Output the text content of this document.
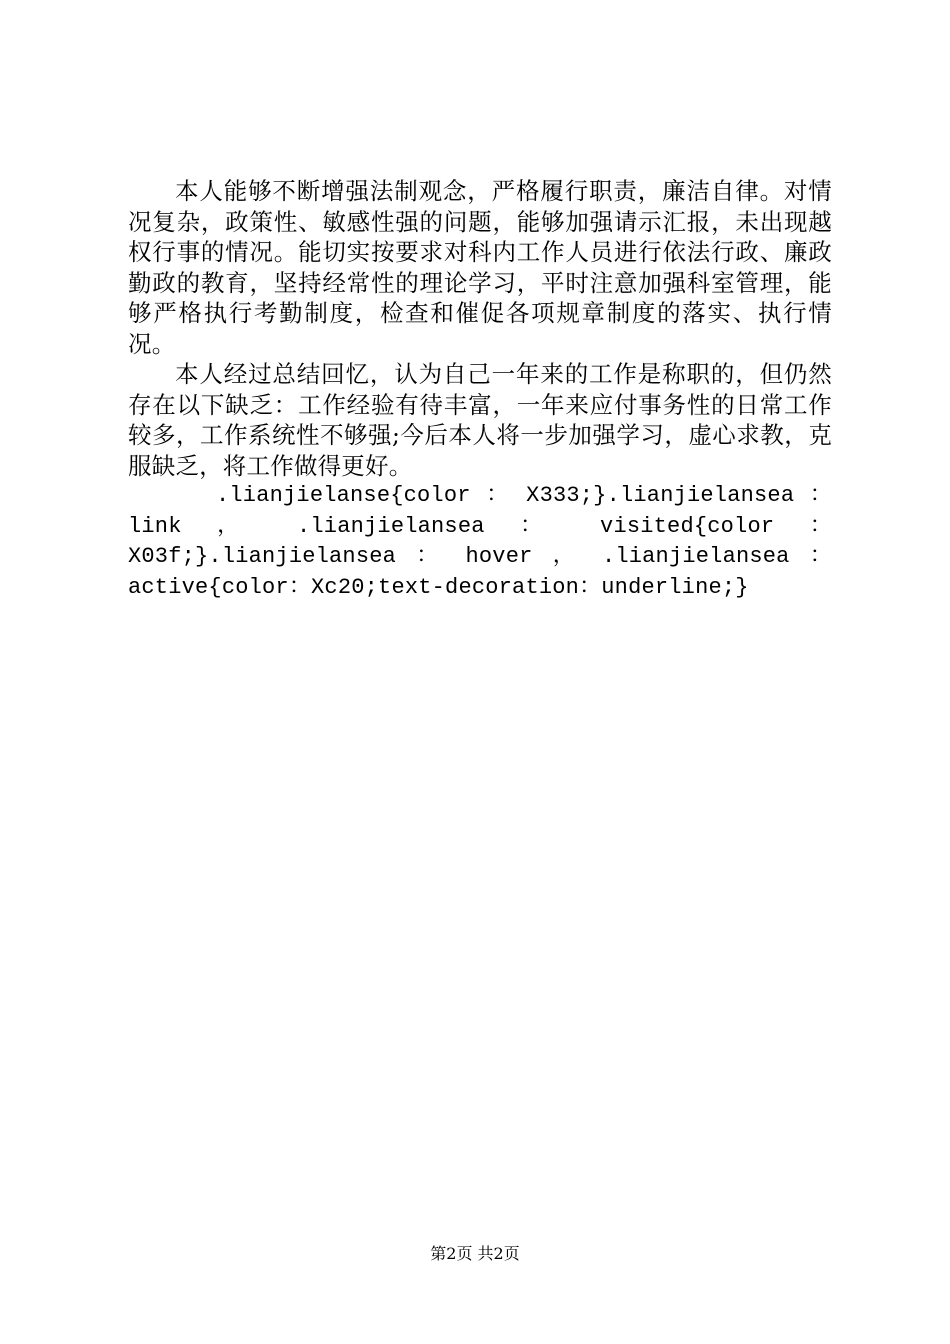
本人能够不断增强法制观念，严格履行职责，廉洁自律。对情况复杂，政策性、敏感性强的问题，能够加强请示汇报，未出现越权行事的情况。能切实按要求对科内工作人员进行依法行政、廉政勤政的教育，坚持经常性的理论学习，平时注意加强科室管理，能够严格执行考勤制度，检查和催促各项规章制度的落实、执行情况。

本人经过总结回忆，认为自己一年来的工作是称职的，但仍然存在以下缺乏：工作经验有待丰富，一年来应付事务性的日常工作较多，工作系统性不够强;今后本人将一步加强学习，虚心求教，克服缺乏，将工作做得更好。

.lianjielanse{color ： X333;}.lianjielansea ：link ， .lianjielansea ： visited{color ：X03f;}.lianjielansea ： hover ， .lianjielansea ：active{color：Xc20;text-decoration：underline;}

第2页 共2页
